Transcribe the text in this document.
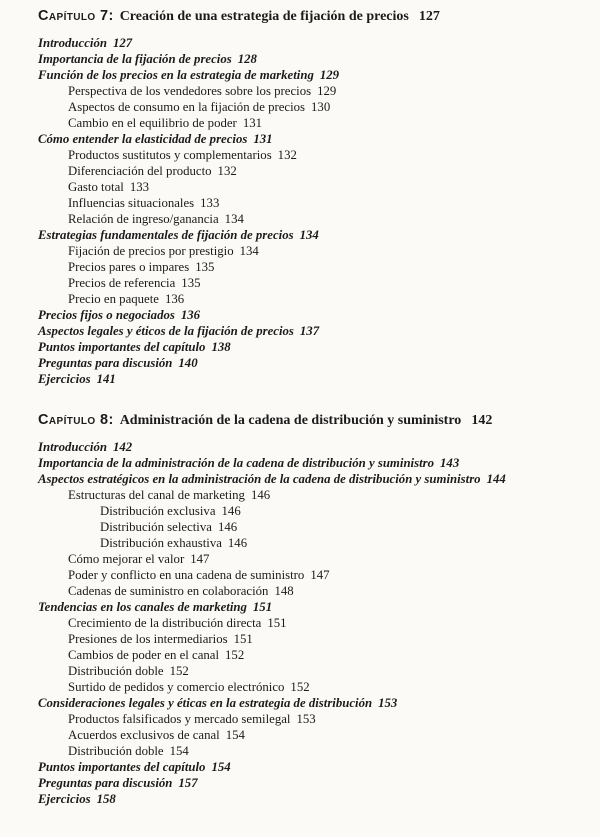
Capítulo 7: Creación de una estrategia de fijación de precios 127
Introducción 127
Importancia de la fijación de precios 128
Función de los precios en la estrategia de marketing 129
Perspectiva de los vendedores sobre los precios 129
Aspectos de consumo en la fijación de precios 130
Cambio en el equilibrio de poder 131
Cómo entender la elasticidad de precios 131
Productos sustitutos y complementarios 132
Diferenciación del producto 132
Gasto total 133
Influencias situacionales 133
Relación de ingreso/ganancia 134
Estrategias fundamentales de fijación de precios 134
Fijación de precios por prestigio 134
Precios pares o impares 135
Precios de referencia 135
Precio en paquete 136
Precios fijos o negociados 136
Aspectos legales y éticos de la fijación de precios 137
Puntos importantes del capítulo 138
Preguntas para discusión 140
Ejercicios 141
Capítulo 8: Administración de la cadena de distribución y suministro 142
Introducción 142
Importancia de la administración de la cadena de distribución y suministro 143
Aspectos estratégicos en la administración de la cadena de distribución y suministro 144
Estructuras del canal de marketing 146
Distribución exclusiva 146
Distribución selectiva 146
Distribución exhaustiva 146
Cómo mejorar el valor 147
Poder y conflicto en una cadena de suministro 147
Cadenas de suministro en colaboración 148
Tendencias en los canales de marketing 151
Crecimiento de la distribución directa 151
Presiones de los intermediarios 151
Cambios de poder en el canal 152
Distribución doble 152
Surtido de pedidos y comercio electrónico 152
Consideraciones legales y éticas en la estrategia de distribución 153
Productos falsificados y mercado semilegal 153
Acuerdos exclusivos de canal 154
Distribución doble 154
Puntos importantes del capítulo 154
Preguntas para discusión 157
Ejercicios 158
